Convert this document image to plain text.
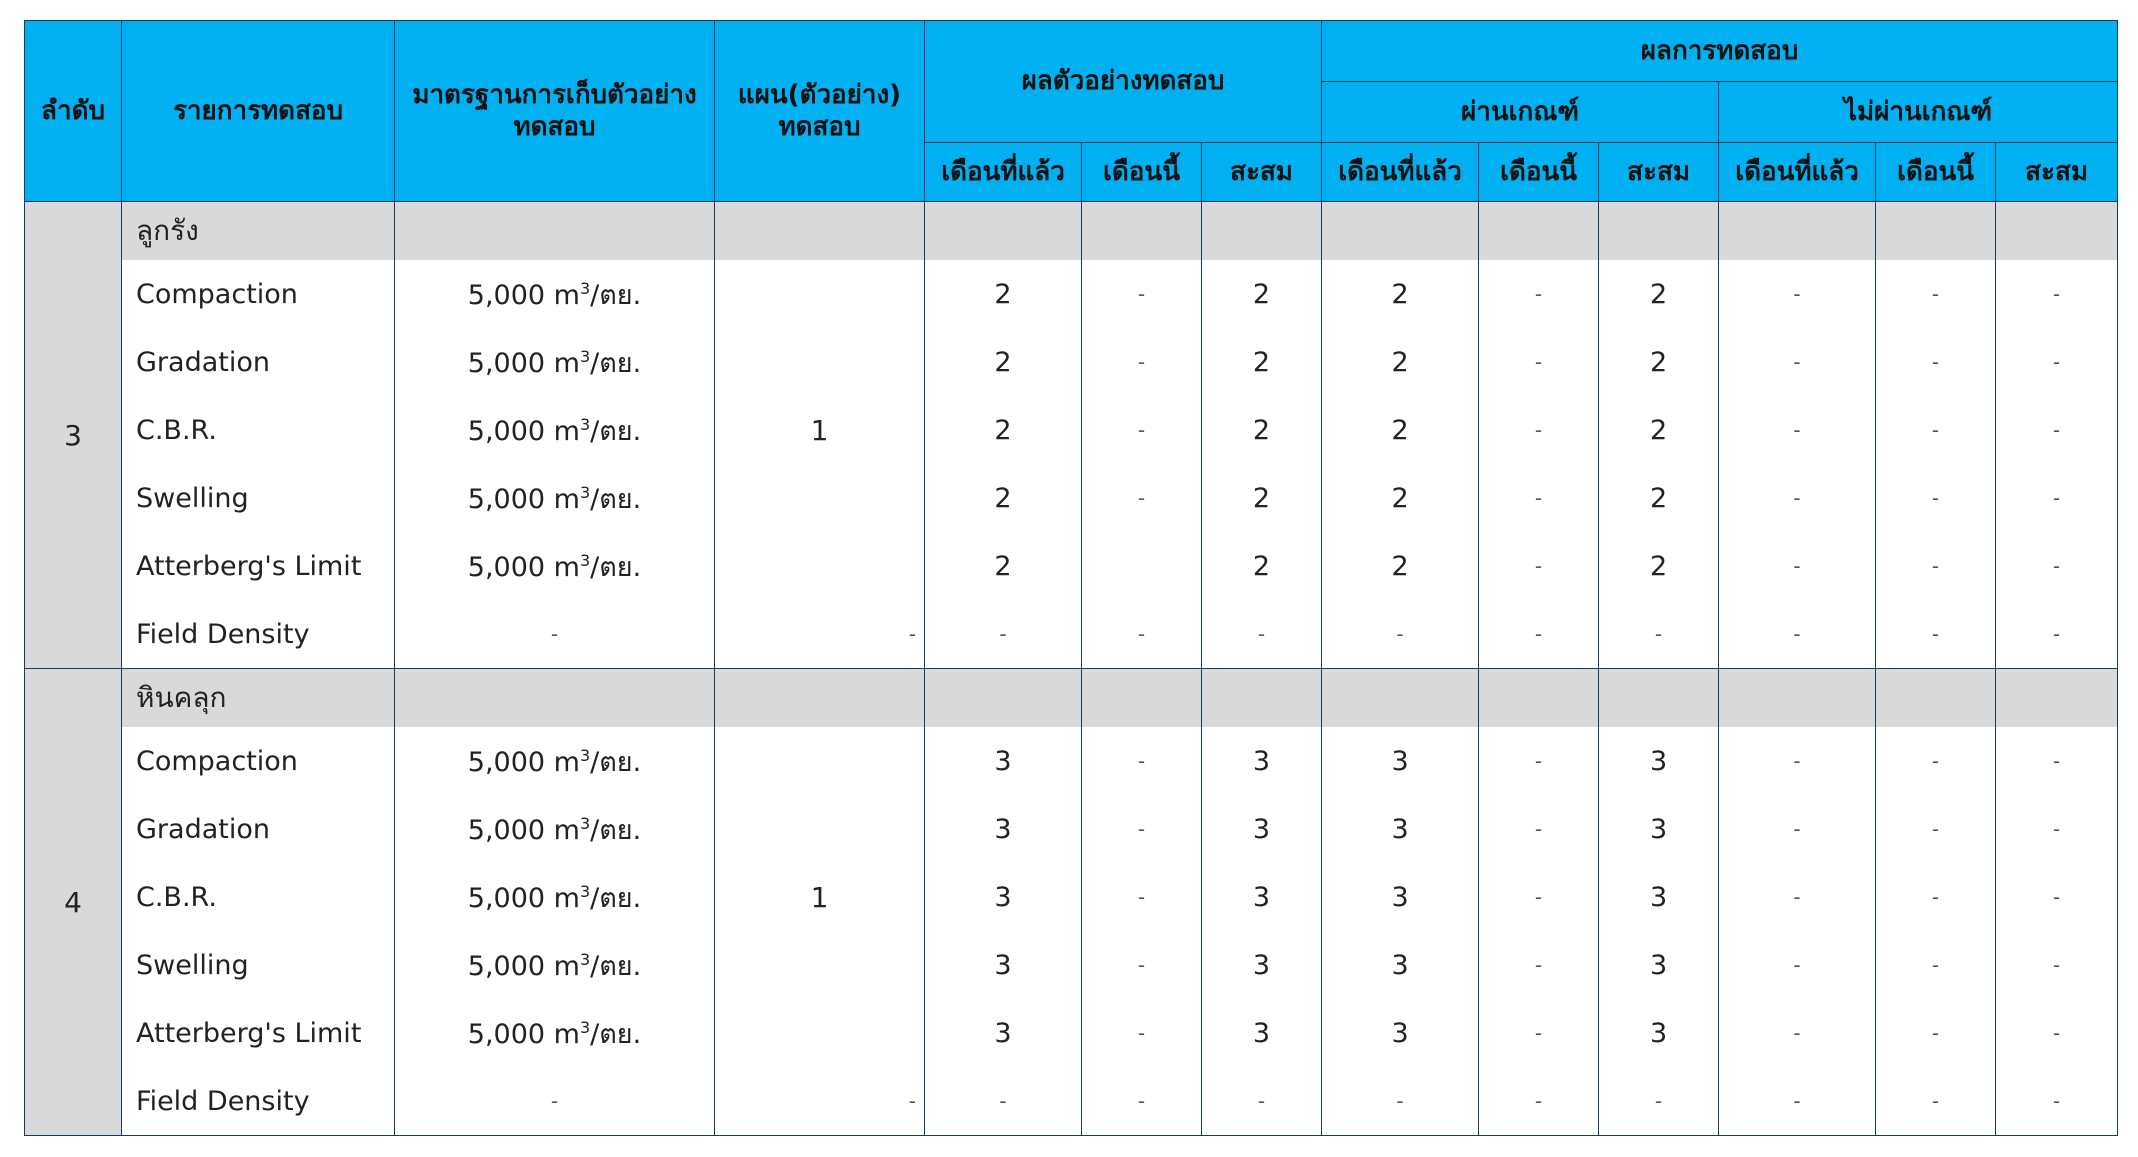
ลำดับ	รายการทดสอบ	มาตรฐานการเก็บตัวอย่าง ทดสอบ	แผน(ตัวอย่าง) ทดสอบ	ผลตัวอย่างทดสอบ			ผลการทดสอบ					
							ผ่านเกณฑ์			ไม่ผ่านเกณฑ์		
				เดือนที่แล้ว	เดือนนี้	สะสม	เดือนที่แล้ว	เดือนนี้	สะสม	เดือนที่แล้ว	เดือนนี้	สะสม
3	ลูกรัง											
	Compaction	5,000 $m^3/$ตย.	1	2	-	2	2	-	2	-	-	-
	Gradation	5,000 $m^3/$ตย.		2	-	2	2	-	2	-	-	-
	C.B.R.	5,000 $m^3/$ตย.		2	-	2	2	-	2	-	-	-
	Swelling	5,000 $m^3/$ตย.		2	-	2	2	-	2	-	-	-
	Atterberg's Limit	5,000 $m^3/$ตย.		2		2	2	-	2	-	-	-
	Field Density	-	-	-	-	-	-	-	-	-	-	-
4	หินคลุก											
	Compaction	5,000 $m^3/$ตย.	1	3	-	3	3	-	3	-	-	-
	Gradation	5,000 $m^3/$ตย.		3	-	3	3	-	3	-	-	-
	C.B.R.	5,000 $m^3/$ตย.		3	-	3	3	-	3	-	-	-
	Swelling	5,000 $m^3/$ตย.		3	-	3	3	-	3	-	-	-
	Atterberg's Limit	5,000 $m^3/$ตย.		3	-	3	3	-	3	-	-	-
	Field Density	-	-	-	-	-	-	-	-	-	-	-
